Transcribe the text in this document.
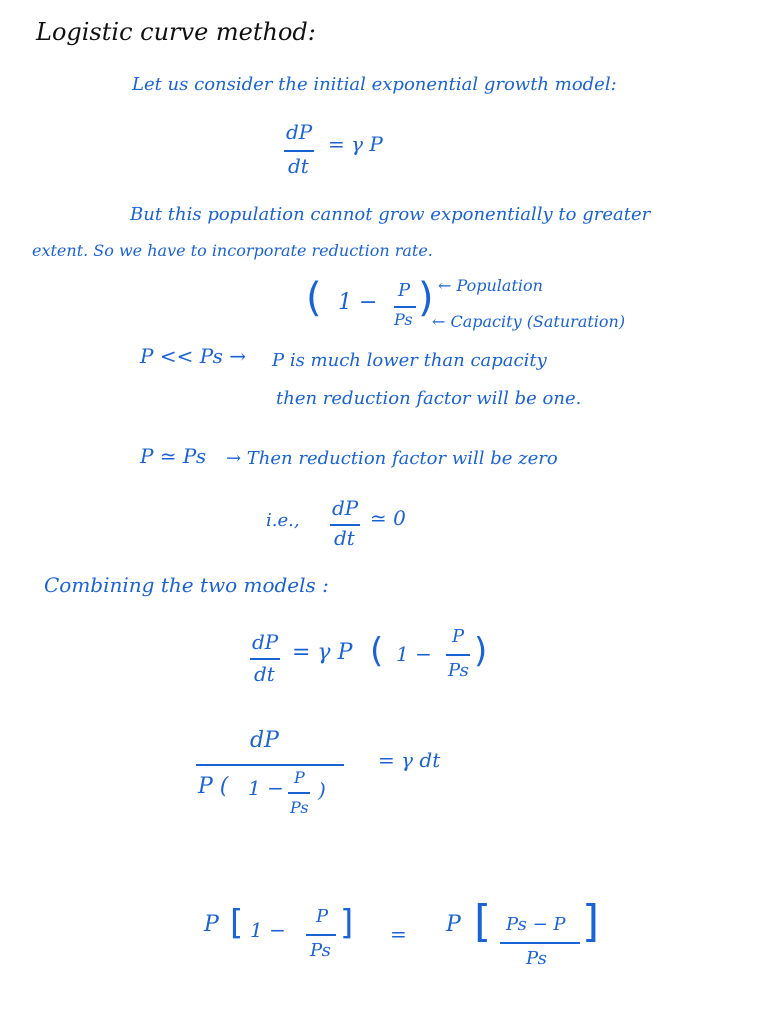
Logistic curve method:
Let us consider the initial exponential growth model:
dP
dt
= γ P
But this population cannot grow exponentially to greater
extent. So we have to incorporate reduction rate.
( 1 − P
Ps ) ← Population
← Capacity (Saturation)
P << Ps → P is much lower than capacity
then reduction factor will be one.
P ≃ Ps → Then reduction factor will be zero
i.e.,
dP
dt
≃ 0
Combining the two models :
dP
dt
= γ P ( 1 −
P
Ps )
dP
P ( 1 − P
Ps
)
= γ dt
P [ 1 −
P
Ps
] = P [ Ps − P
Ps
]
